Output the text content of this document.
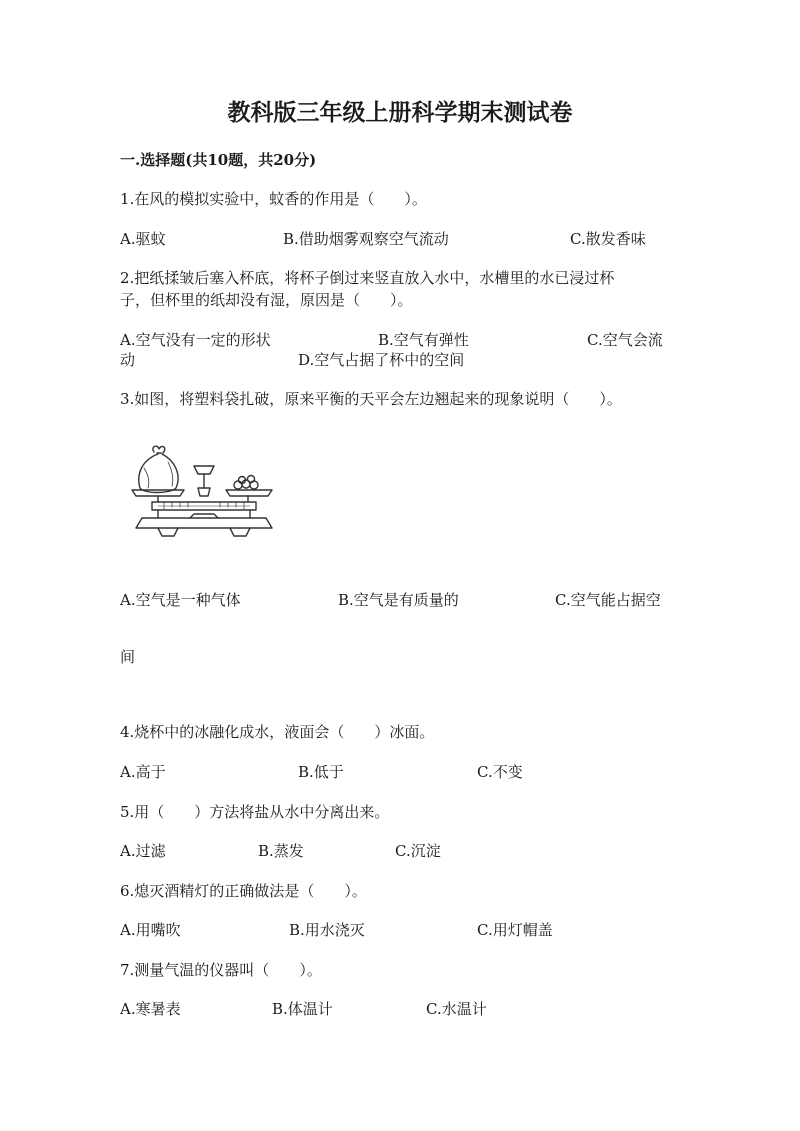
教科版三年级上册科学期末测试卷
一.选择题(共10题，共20分)
1.在风的模拟实验中，蚊香的作用是（　　）。
A.驱蚊	B.借助烟雾观察空气流动	C.散发香味
2.把纸揉皱后塞入杯底，将杯子倒过来竖直放入水中，水槽里的水已浸过杯
子，但杯里的纸却没有湿，原因是（　　）。
A.空气没有一定的形状	B.空气有弹性	C.空气会流
动	D.空气占据了杯中的空间
3.如图，将塑料袋扎破，原来平衡的天平会左边翘起来的现象说明（　　）。
A.空气是一种气体	B.空气是有质量的	C.空气能占据空
间
4.烧杯中的冰融化成水，液面会（　　）冰面。
A.高于	B.低于	C.不变
5.用（　　）方法将盐从水中分离出来。
A.过滤	B.蒸发	C.沉淀
6.熄灭酒精灯的正确做法是（　　）。
A.用嘴吹	B.用水浇灭	C.用灯帽盖
7.测量气温的仪器叫（　　）。
A.寒暑表	B.体温计	C.水温计
